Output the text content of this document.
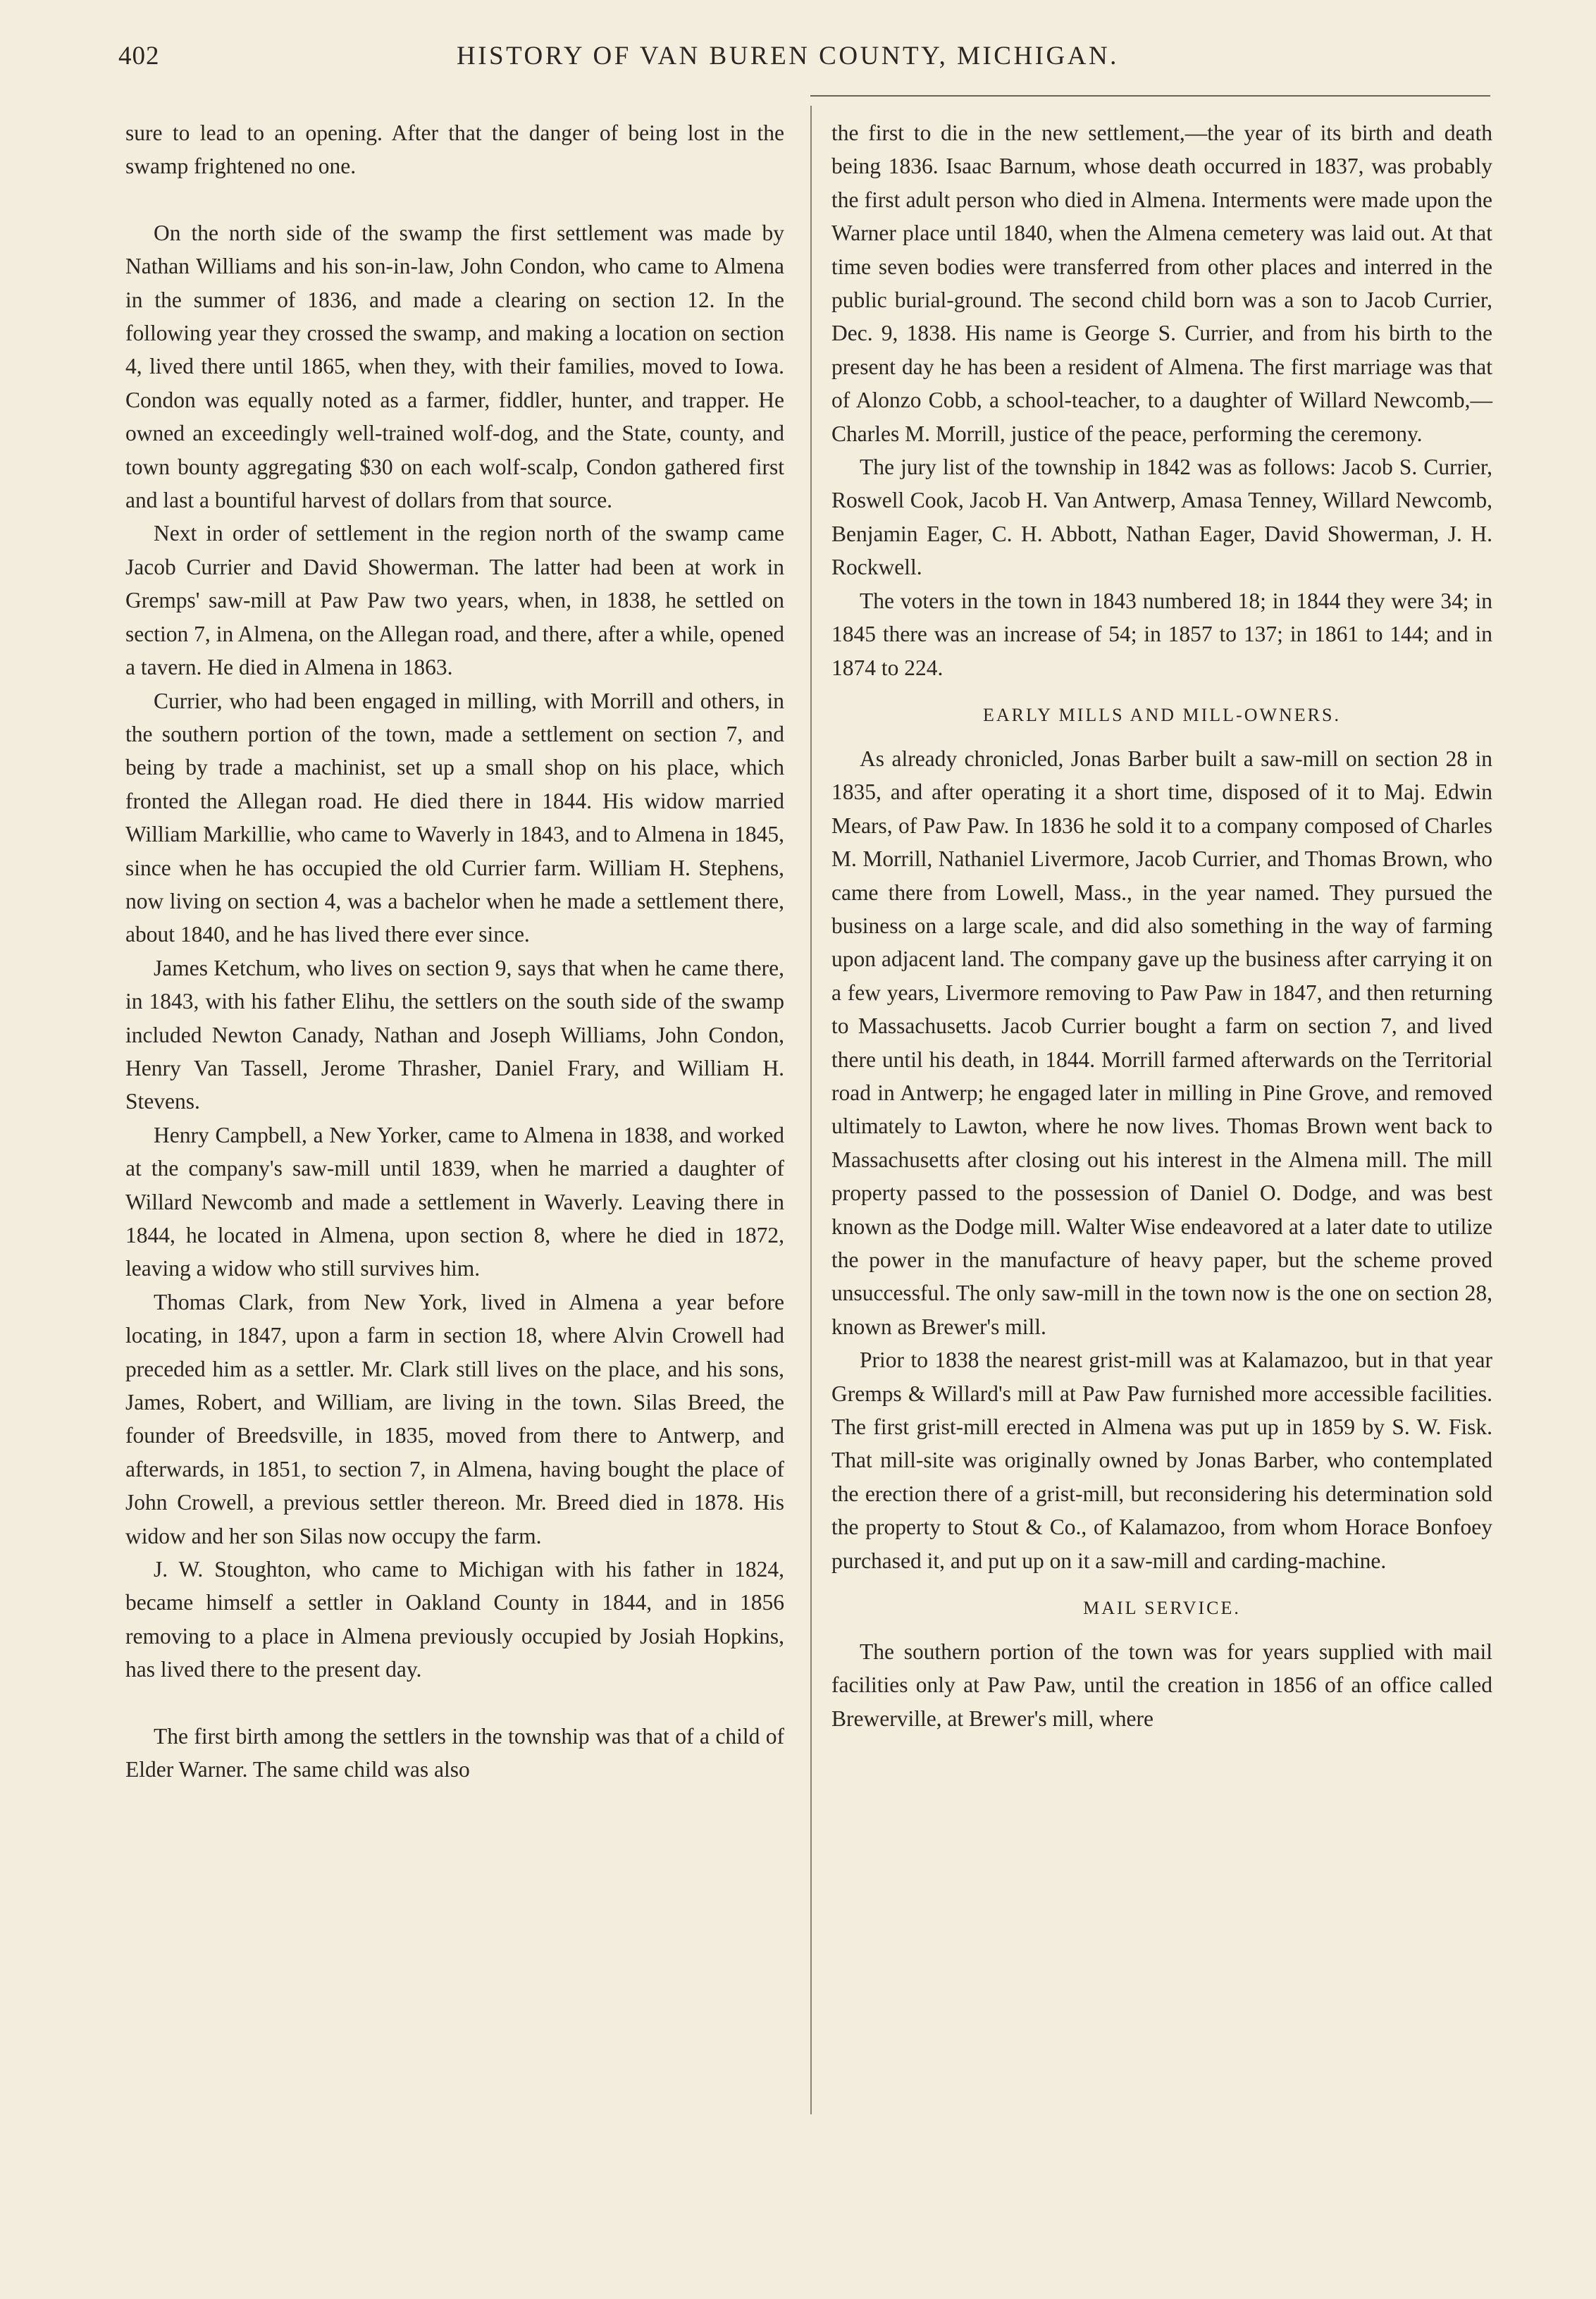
402	HISTORY OF VAN BUREN COUNTY, MICHIGAN.

sure to lead to an opening. After that the danger of being lost in the swamp frightened no one.

On the north side of the swamp the first settlement was made by Nathan Williams and his son-in-law, John Condon, who came to Almena in the summer of 1836, and made a clearing on section 12. In the following year they crossed the swamp, and making a location on section 4, lived there until 1865, when they, with their families, moved to Iowa. Condon was equally noted as a farmer, fiddler, hunter, and trapper. He owned an exceedingly well-trained wolf-dog, and the State, county, and town bounty aggregating $30 on each wolf-scalp, Condon gathered first and last a bountiful harvest of dollars from that source.

Next in order of settlement in the region north of the swamp came Jacob Currier and David Showerman. The latter had been at work in Gremps' saw-mill at Paw Paw two years, when, in 1838, he settled on section 7, in Almena, on the Allegan road, and there, after a while, opened a tavern. He died in Almena in 1863.

Currier, who had been engaged in milling, with Morrill and others, in the southern portion of the town, made a settlement on section 7, and being by trade a machinist, set up a small shop on his place, which fronted the Allegan road. He died there in 1844. His widow married William Markillie, who came to Waverly in 1843, and to Almena in 1845, since when he has occupied the old Currier farm. William H. Stephens, now living on section 4, was a bachelor when he made a settlement there, about 1840, and he has lived there ever since.

James Ketchum, who lives on section 9, says that when he came there, in 1843, with his father Elihu, the settlers on the south side of the swamp included Newton Canady, Nathan and Joseph Williams, John Condon, Henry Van Tassell, Jerome Thrasher, Daniel Frary, and William H. Stevens.

Henry Campbell, a New Yorker, came to Almena in 1838, and worked at the company's saw-mill until 1839, when he married a daughter of Willard Newcomb and made a settlement in Waverly. Leaving there in 1844, he located in Almena, upon section 8, where he died in 1872, leaving a widow who still survives him.

Thomas Clark, from New York, lived in Almena a year before locating, in 1847, upon a farm in section 18, where Alvin Crowell had preceded him as a settler. Mr. Clark still lives on the place, and his sons, James, Robert, and William, are living in the town. Silas Breed, the founder of Breedsville, in 1835, moved from there to Antwerp, and afterwards, in 1851, to section 7, in Almena, having bought the place of John Crowell, a previous settler thereon. Mr. Breed died in 1878. His widow and her son Silas now occupy the farm.

J. W. Stoughton, who came to Michigan with his father in 1824, became himself a settler in Oakland County in 1844, and in 1856 removing to a place in Almena previously occupied by Josiah Hopkins, has lived there to the present day.

The first birth among the settlers in the township was that of a child of Elder Warner. The same child was also

the first to die in the new settlement,—the year of its birth and death being 1836. Isaac Barnum, whose death occurred in 1837, was probably the first adult person who died in Almena. Interments were made upon the Warner place until 1840, when the Almena cemetery was laid out. At that time seven bodies were transferred from other places and interred in the public burial-ground. The second child born was a son to Jacob Currier, Dec. 9, 1838. His name is George S. Currier, and from his birth to the present day he has been a resident of Almena. The first marriage was that of Alonzo Cobb, a school-teacher, to a daughter of Willard Newcomb,—Charles M. Morrill, justice of the peace, performing the ceremony.

The jury list of the township in 1842 was as follows: Jacob S. Currier, Roswell Cook, Jacob H. Van Antwerp, Amasa Tenney, Willard Newcomb, Benjamin Eager, C. H. Abbott, Nathan Eager, David Showerman, J. H. Rockwell.

The voters in the town in 1843 numbered 18; in 1844 they were 34; in 1845 there was an increase of 54; in 1857 to 137; in 1861 to 144; and in 1874 to 224.

EARLY MILLS AND MILL-OWNERS.

As already chronicled, Jonas Barber built a saw-mill on section 28 in 1835, and after operating it a short time, disposed of it to Maj. Edwin Mears, of Paw Paw. In 1836 he sold it to a company composed of Charles M. Morrill, Nathaniel Livermore, Jacob Currier, and Thomas Brown, who came there from Lowell, Mass., in the year named. They pursued the business on a large scale, and did also something in the way of farming upon adjacent land. The company gave up the business after carrying it on a few years, Livermore removing to Paw Paw in 1847, and then returning to Massachusetts. Jacob Currier bought a farm on section 7, and lived there until his death, in 1844. Morrill farmed afterwards on the Territorial road in Antwerp; he engaged later in milling in Pine Grove, and removed ultimately to Lawton, where he now lives. Thomas Brown went back to Massachusetts after closing out his interest in the Almena mill. The mill property passed to the possession of Daniel O. Dodge, and was best known as the Dodge mill. Walter Wise endeavored at a later date to utilize the power in the manufacture of heavy paper, but the scheme proved unsuccessful. The only saw-mill in the town now is the one on section 28, known as Brewer's mill.

Prior to 1838 the nearest grist-mill was at Kalamazoo, but in that year Gremps & Willard's mill at Paw Paw furnished more accessible facilities. The first grist-mill erected in Almena was put up in 1859 by S. W. Fisk. That mill-site was originally owned by Jonas Barber, who contemplated the erection there of a grist-mill, but reconsidering his determination sold the property to Stout & Co., of Kalamazoo, from whom Horace Bonfoey purchased it, and put up on it a saw-mill and carding-machine.

MAIL SERVICE.

The southern portion of the town was for years supplied with mail facilities only at Paw Paw, until the creation in 1856 of an office called Brewerville, at Brewer's mill, where
